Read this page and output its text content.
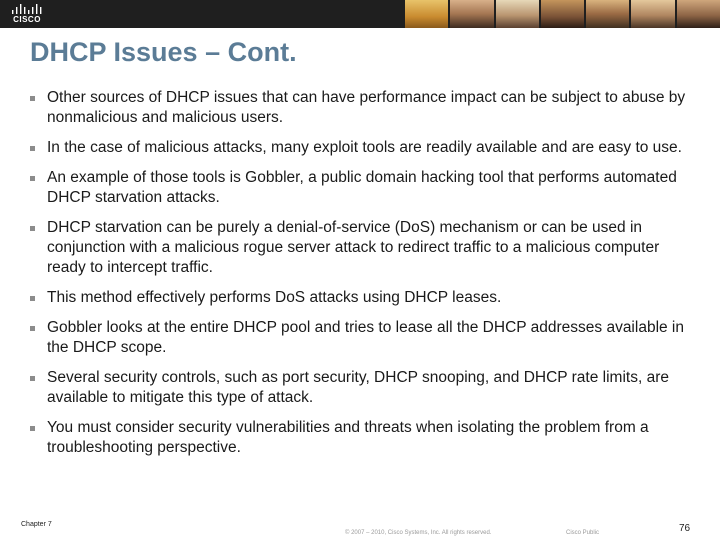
CISCO
DHCP Issues – Cont.
Other sources of DHCP issues that can have performance impact can be subject to abuse by nonmalicious and malicious users.
In the case of malicious attacks, many exploit tools are readily available and are easy to use.
An example of those tools is Gobbler, a public domain hacking tool that performs automated DHCP starvation attacks.
DHCP starvation can be purely a denial-of-service (DoS) mechanism or can be used in conjunction with a malicious rogue server attack to redirect traffic to a malicious computer ready to intercept traffic.
This method effectively performs DoS attacks using DHCP leases.
Gobbler looks at the entire DHCP pool and tries to lease all the DHCP addresses available in the DHCP scope.
Several security controls, such as port security, DHCP snooping, and DHCP rate limits, are available to mitigate this type of attack.
You must consider security vulnerabilities and threats when isolating the problem from a troubleshooting perspective.
Chapter 7
© 2007 – 2010, Cisco Systems, Inc. All rights reserved.	Cisco Public	76
